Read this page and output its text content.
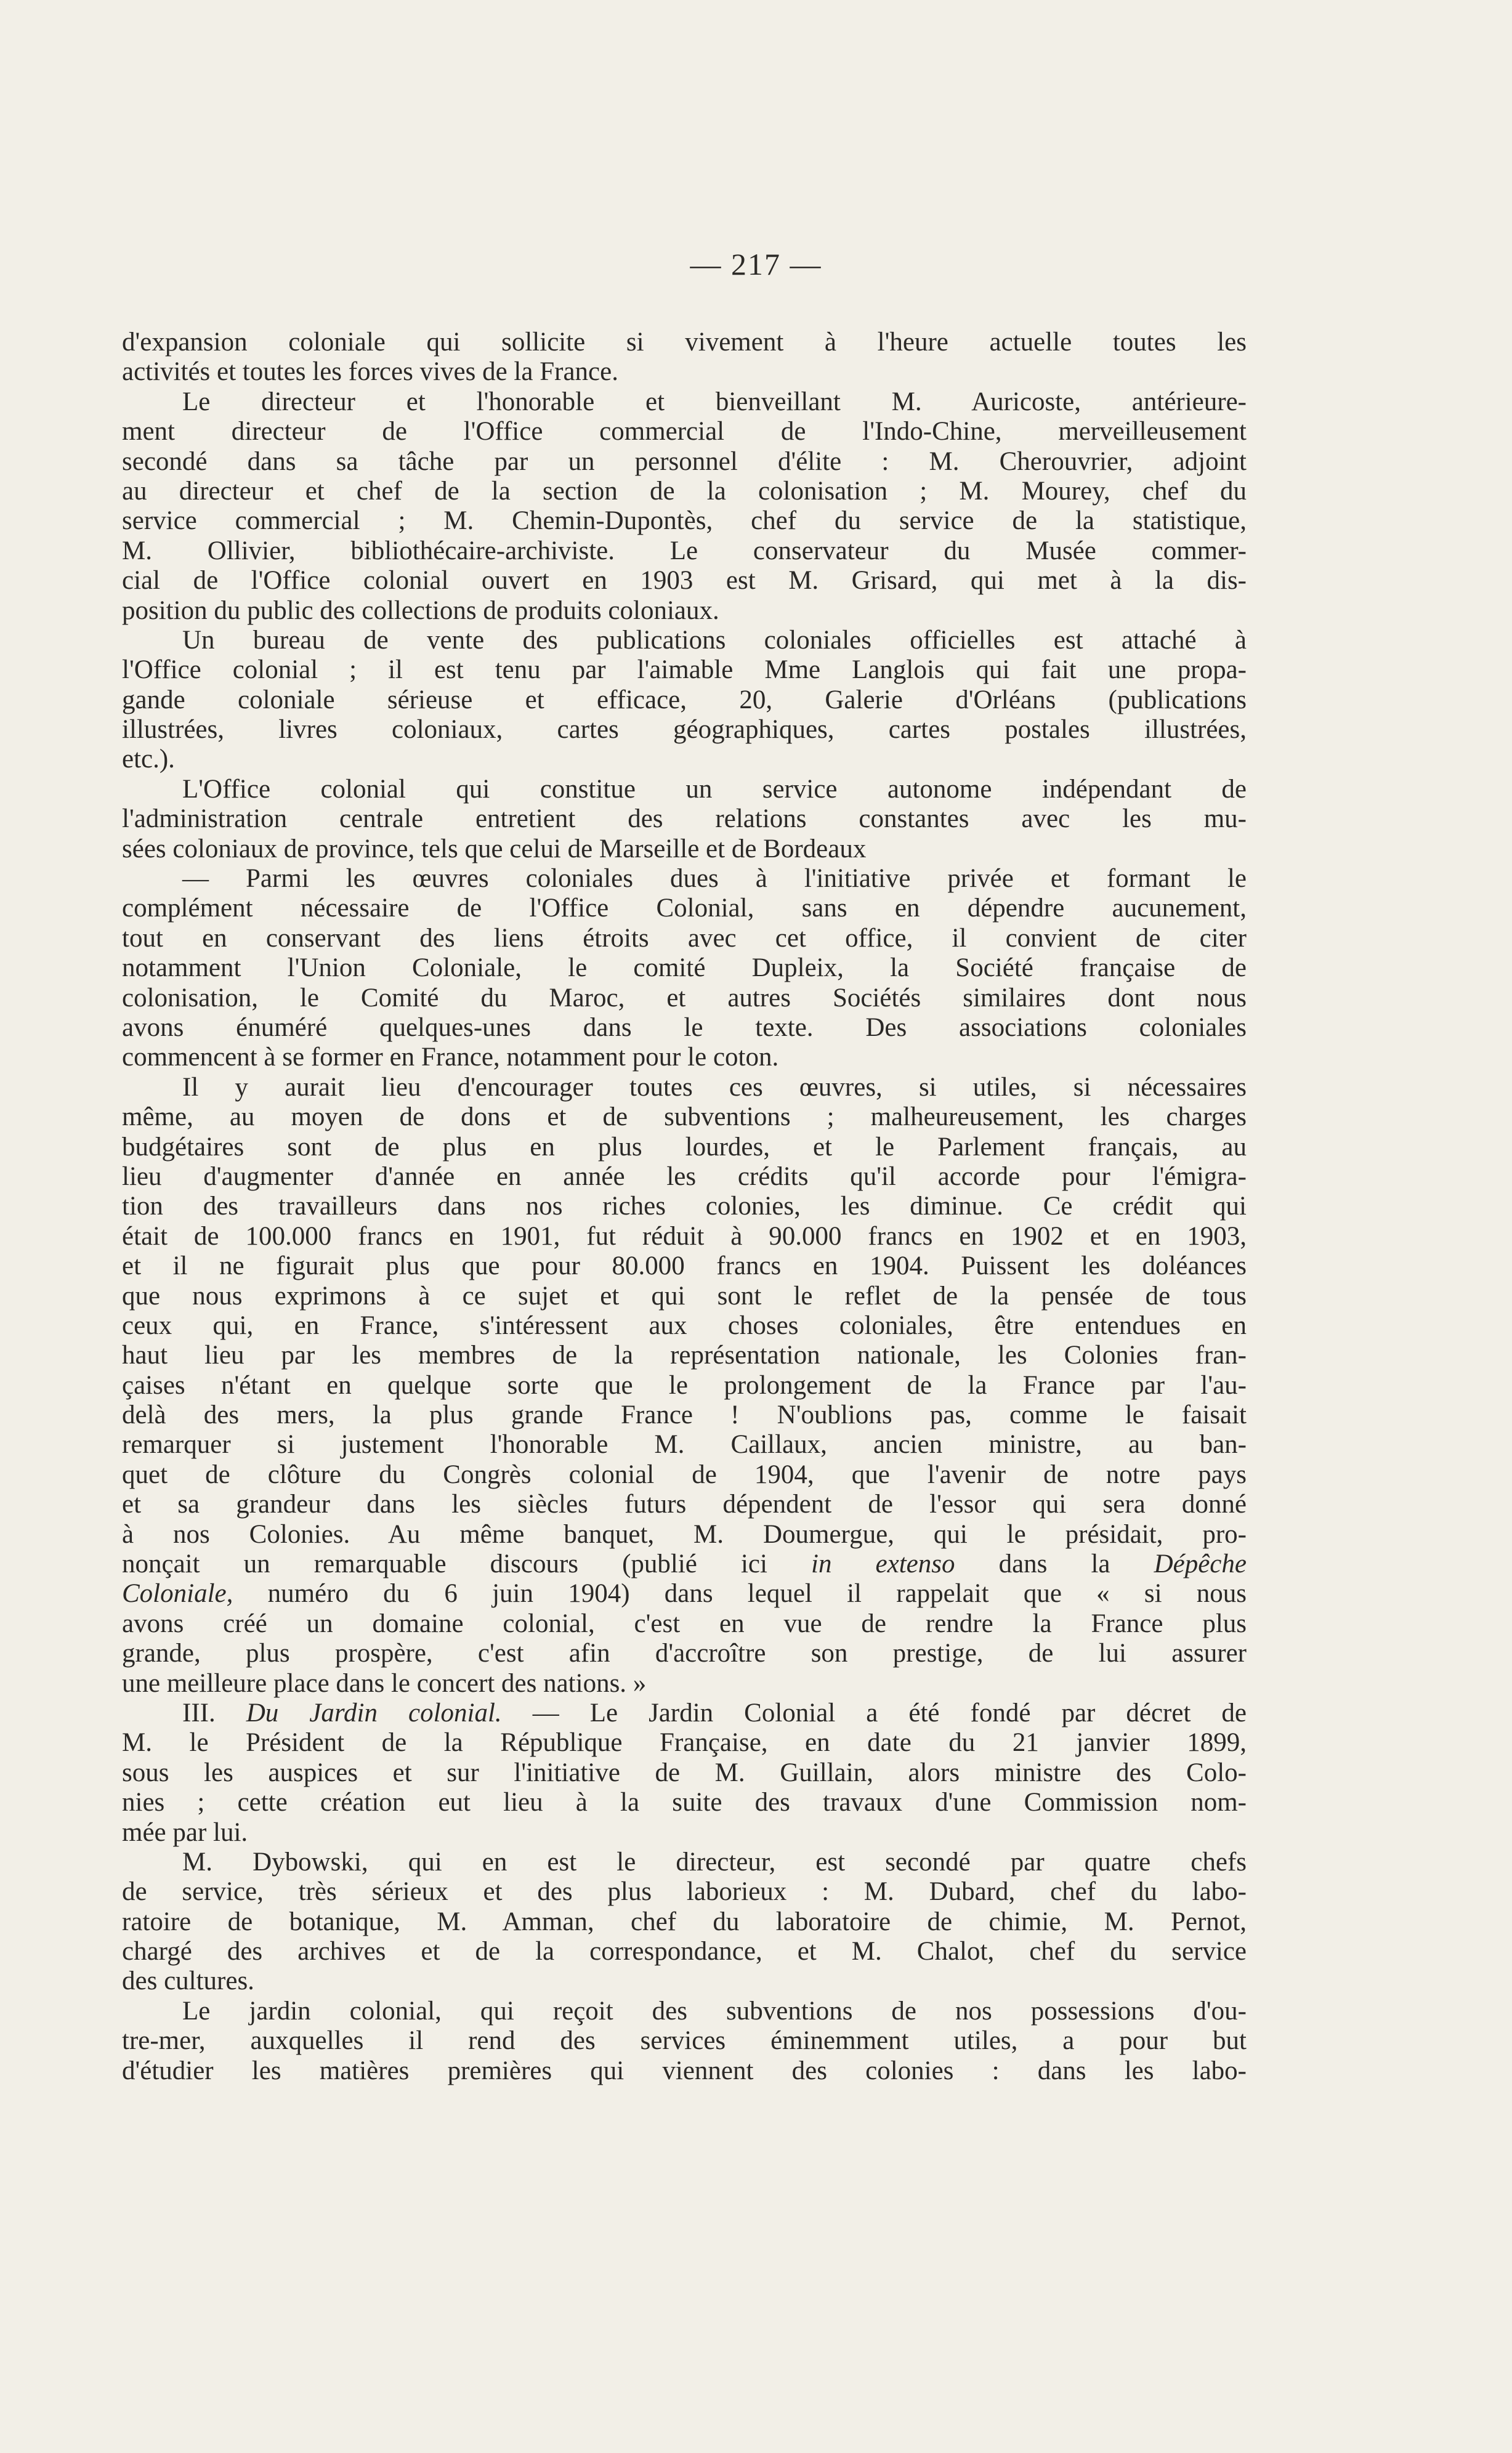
— 217 —
d'expansion coloniale qui sollicite si vivement à l'heure actuelle toutes les
activités et toutes les forces vives de la France.
Le directeur et l'honorable et bienveillant M. Auricoste, antérieure-
ment directeur de l'Office commercial de l'Indo-Chine, merveilleusement
secondé dans sa tâche par un personnel d'élite : M. Cherouvrier, adjoint
au directeur et chef de la section de la colonisation ; M. Mourey, chef du
service commercial ; M. Chemin-Dupontès, chef du service de la statistique,
M. Ollivier, bibliothécaire-archiviste. Le conservateur du Musée commer-
cial de l'Office colonial ouvert en 1903 est M. Grisard, qui met à la dis-
position du public des collections de produits coloniaux.
Un bureau de vente des publications coloniales officielles est attaché à
l'Office colonial ; il est tenu par l'aimable Mme Langlois qui fait une propa-
gande coloniale sérieuse et efficace, 20, Galerie d'Orléans (publications
illustrées, livres coloniaux, cartes géographiques, cartes postales illustrées,
etc.).
L'Office colonial qui constitue un service autonome indépendant de
l'administration centrale entretient des relations constantes avec les mu-
sées coloniaux de province, tels que celui de Marseille et de Bordeaux
— Parmi les œuvres coloniales dues à l'initiative privée et formant le
complément nécessaire de l'Office Colonial, sans en dépendre aucunement,
tout en conservant des liens étroits avec cet office, il convient de citer
notamment l'Union Coloniale, le comité Dupleix, la Société française de
colonisation, le Comité du Maroc, et autres Sociétés similaires dont nous
avons énuméré quelques-unes dans le texte. Des associations coloniales
commencent à se former en France, notamment pour le coton.
Il y aurait lieu d'encourager toutes ces œuvres, si utiles, si nécessaires
même, au moyen de dons et de subventions ; malheureusement, les charges
budgétaires sont de plus en plus lourdes, et le Parlement français, au
lieu d'augmenter d'année en année les crédits qu'il accorde pour l'émigra-
tion des travailleurs dans nos riches colonies, les diminue. Ce crédit qui
était de 100.000 francs en 1901, fut réduit à 90.000 francs en 1902 et en 1903,
et il ne figurait plus que pour 80.000 francs en 1904. Puissent les doléances
que nous exprimons à ce sujet et qui sont le reflet de la pensée de tous
ceux qui, en France, s'intéressent aux choses coloniales, être entendues en
haut lieu par les membres de la représentation nationale, les Colonies fran-
çaises n'étant en quelque sorte que le prolongement de la France par l'au-
delà des mers, la plus grande France ! N'oublions pas, comme le faisait
remarquer si justement l'honorable M. Caillaux, ancien ministre, au ban-
quet de clôture du Congrès colonial de 1904, que l'avenir de notre pays
et sa grandeur dans les siècles futurs dépendent de l'essor qui sera donné
à nos Colonies. Au même banquet, M. Doumergue, qui le présidait, pro-
nonçait un remarquable discours (publié ici in extenso dans la Dépêche
Coloniale, numéro du 6 juin 1904) dans lequel il rappelait que « si nous
avons créé un domaine colonial, c'est en vue de rendre la France plus
grande, plus prospère, c'est afin d'accroître son prestige, de lui assurer
une meilleure place dans le concert des nations. »
III. Du Jardin colonial. — Le Jardin Colonial a été fondé par décret de
M. le Président de la République Française, en date du 21 janvier 1899,
sous les auspices et sur l'initiative de M. Guillain, alors ministre des Colo-
nies ; cette création eut lieu à la suite des travaux d'une Commission nom-
mée par lui.
M. Dybowski, qui en est le directeur, est secondé par quatre chefs
de service, très sérieux et des plus laborieux : M. Dubard, chef du labo-
ratoire de botanique, M. Amman, chef du laboratoire de chimie, M. Pernot,
chargé des archives et de la correspondance, et M. Chalot, chef du service
des cultures.
Le jardin colonial, qui reçoit des subventions de nos possessions d'ou-
tre-mer, auxquelles il rend des services éminemment utiles, a pour but
d'étudier les matières premières qui viennent des colonies : dans les labo-
